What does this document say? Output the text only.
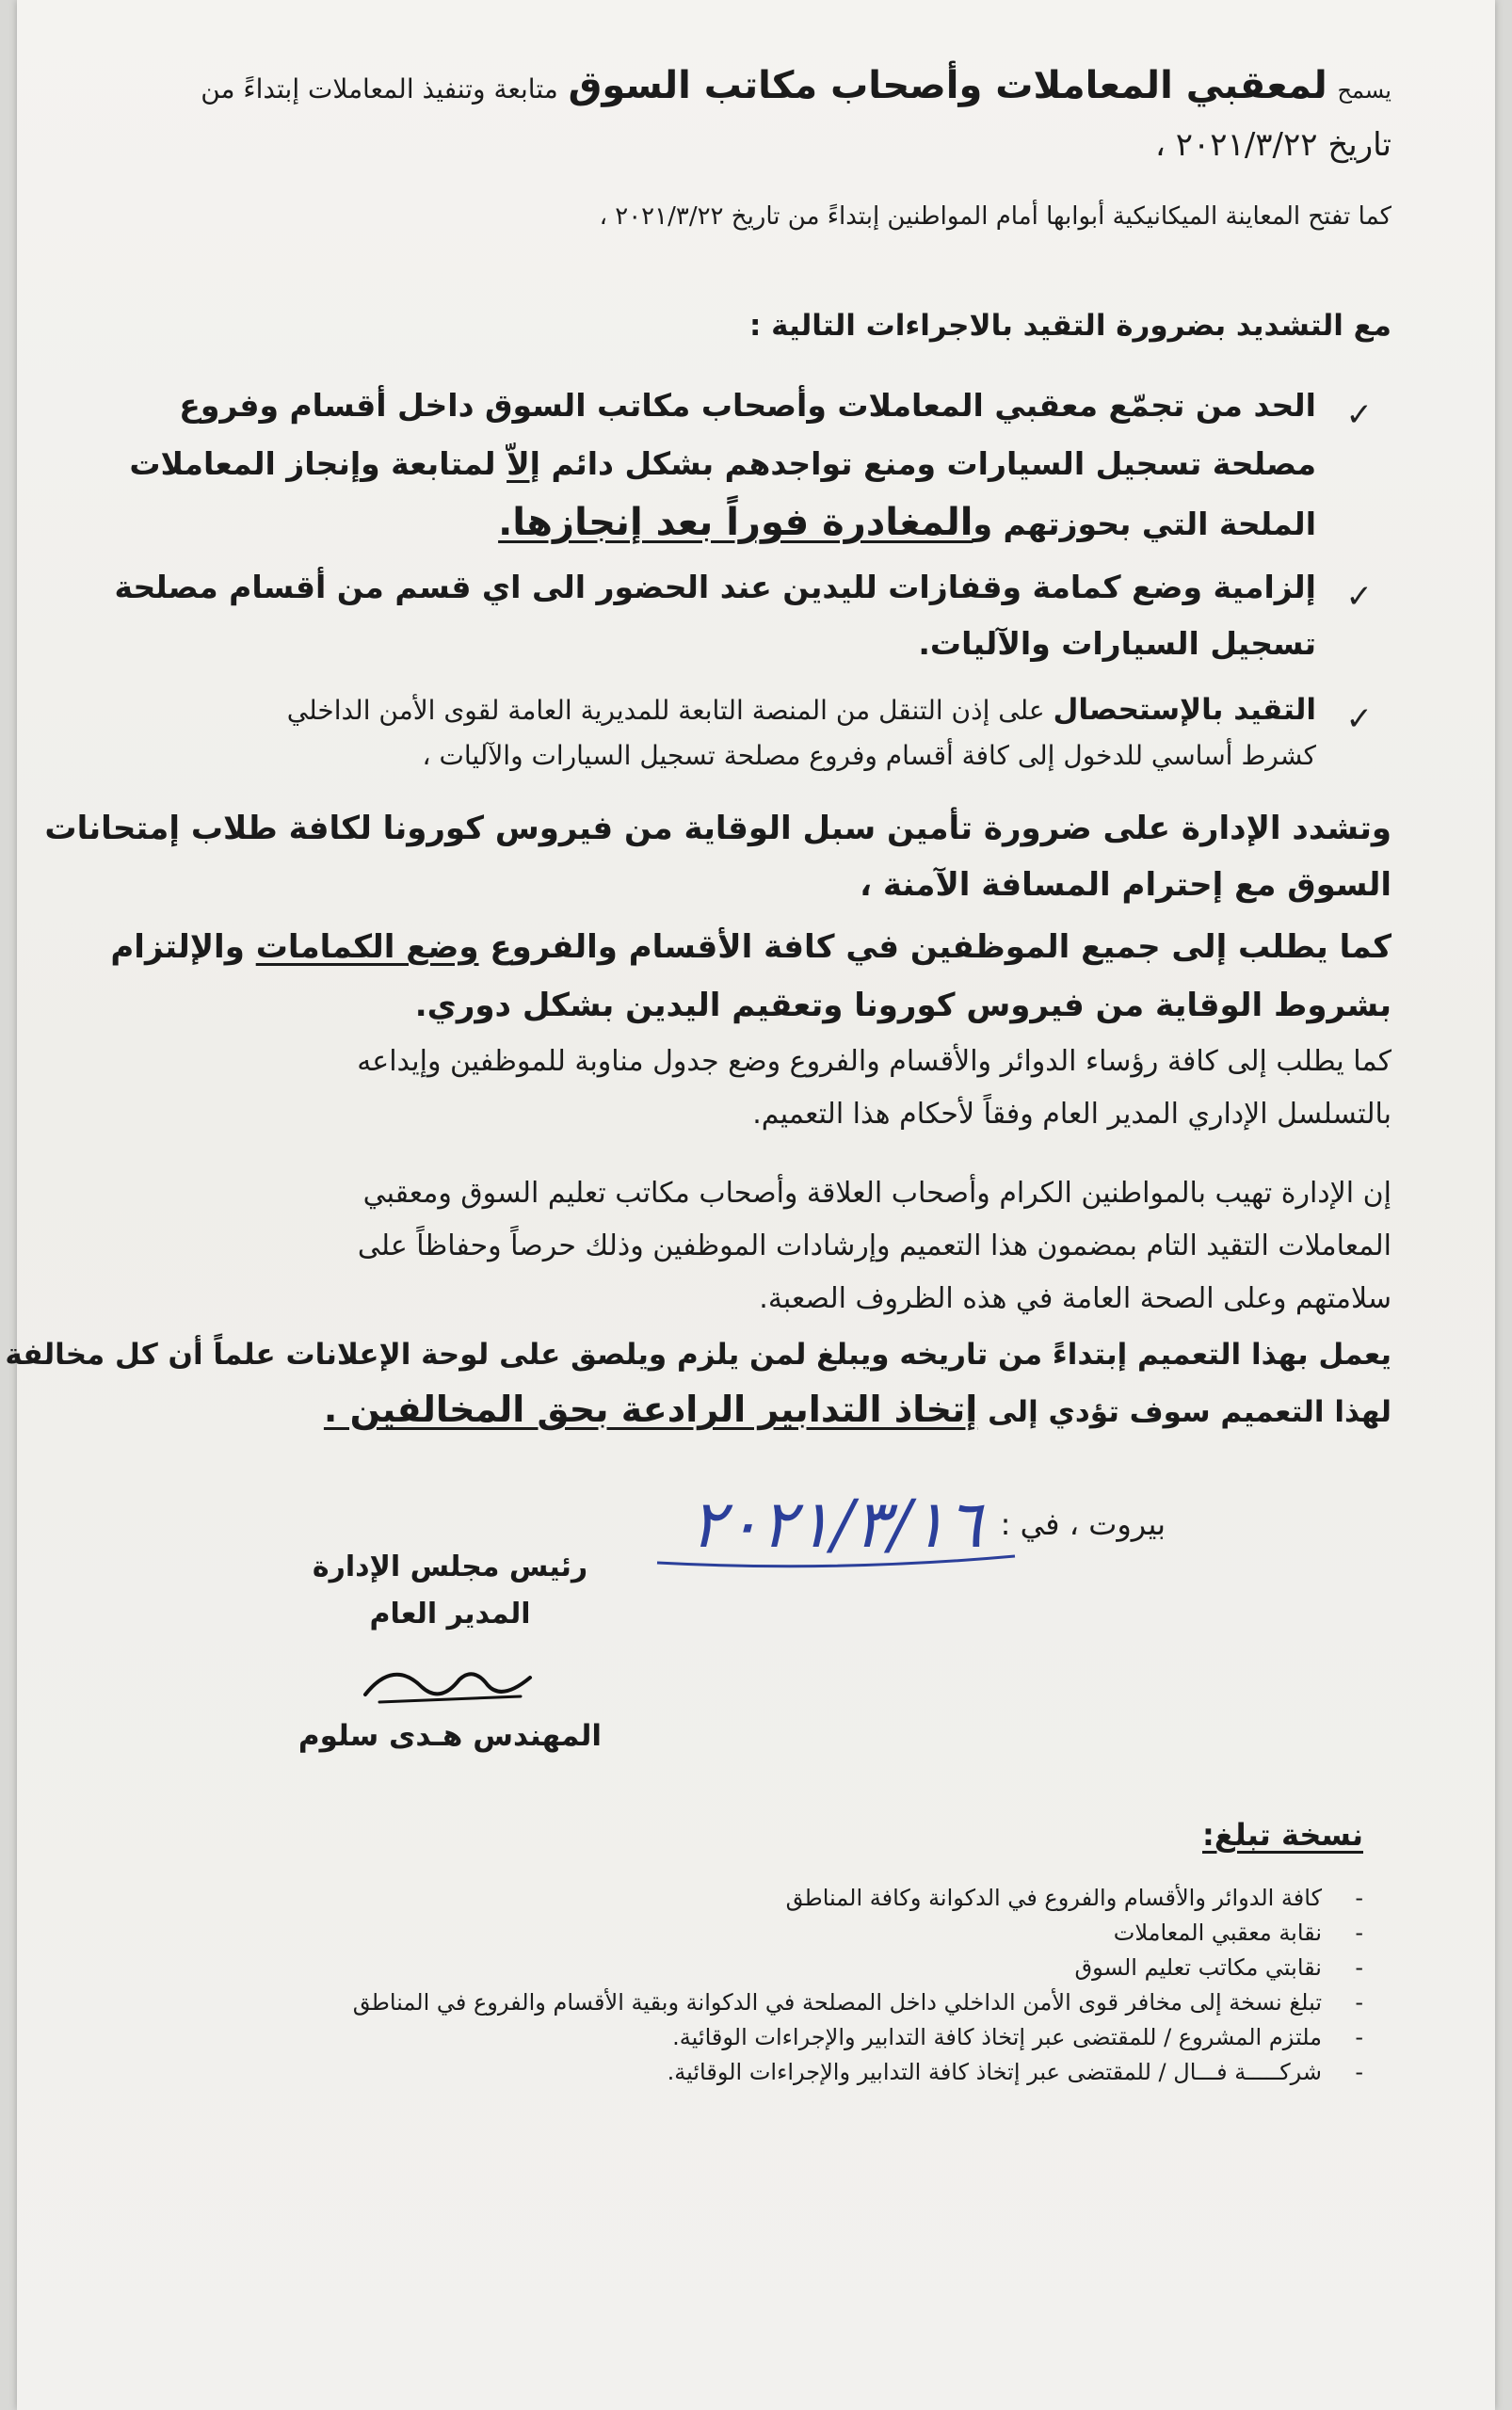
يسمح لمعقبي المعاملات وأصحاب مكاتب السوق متابعة وتنفيذ المعاملات إبتداءً من
تاريخ ٢٠٢١/٣/٢٢ ،
كما تفتح المعاينة الميكانيكية أبوابها أمام المواطنين إبتداءً من تاريخ ٢٠٢١/٣/٢٢ ،
مع التشديد بضرورة التقيد بالاجراءات التالية :
✓
الحد من تجمّع معقبي المعاملات وأصحاب مكاتب السوق داخل أقسام وفروع
مصلحة تسجيل السيارات ومنع تواجدهم بشكل دائم إلاّ لمتابعة وإنجاز المعاملات
الملحة التي بحوزتهم والمغادرة فوراً بعد إنجازها.
✓
إلزامية وضع كمامة وقفازات لليدين عند الحضور الى اي قسم من أقسام مصلحة
تسجيل السيارات والآليات.
✓
التقيد بالإستحصال على إذن التنقل من المنصة التابعة للمديرية العامة لقوى الأمن الداخلي
كشرط أساسي للدخول إلى كافة أقسام وفروع مصلحة تسجيل السيارات والآليات ،
وتشدد الإدارة على ضرورة تأمين سبل الوقاية من فيروس كورونا لكافة طلاب إمتحانات
السوق مع إحترام المسافة الآمنة ،
كما يطلب إلى جميع الموظفين في كافة الأقسام والفروع وضع الكمامات والإلتزام
بشروط الوقاية من فيروس كورونا وتعقيم اليدين بشكل دوري.
كما يطلب إلى كافة رؤساء الدوائر والأقسام والفروع وضع جدول مناوبة للموظفين وإيداعه
بالتسلسل الإداري المدير العام وفقاً لأحكام هذا التعميم.
إن الإدارة تهيب بالمواطنين الكرام وأصحاب العلاقة وأصحاب مكاتب تعليم السوق ومعقبي
المعاملات التقيد التام بمضمون هذا التعميم وإرشادات الموظفين وذلك حرصاً وحفاظاً على
سلامتهم وعلى الصحة العامة في هذه الظروف الصعبة.
يعمل بهذا التعميم إبتداءً من تاريخه ويبلغ لمن يلزم ويلصق على لوحة الإعلانات علماً أن كل مخالفة
لهذا التعميم سوف تؤدي إلى إتخاذ التدابير الرادعة بحق المخالفين .
بيروت ، في :
٢٠٢١/٣/١٦
رئيس مجلس الإدارة
المدير العام
المهندس هـدى سلوم
نسخة تبلغ:
-
كافة الدوائر والأقسام والفروع في الدكوانة وكافة المناطق
-
نقابة معقبي المعاملات
-
نقابتي مكاتب تعليم السوق
-
تبلغ نسخة إلى مخافر قوى الأمن الداخلي داخل المصلحة في الدكوانة وبقية الأقسام والفروع في المناطق
-
ملتزم المشروع / للمقتضى عبر إتخاذ كافة التدابير والإجراءات الوقائية.
-
شركـــــة فـــال / للمقتضى عبر إتخاذ كافة التدابير والإجراءات الوقائية.
